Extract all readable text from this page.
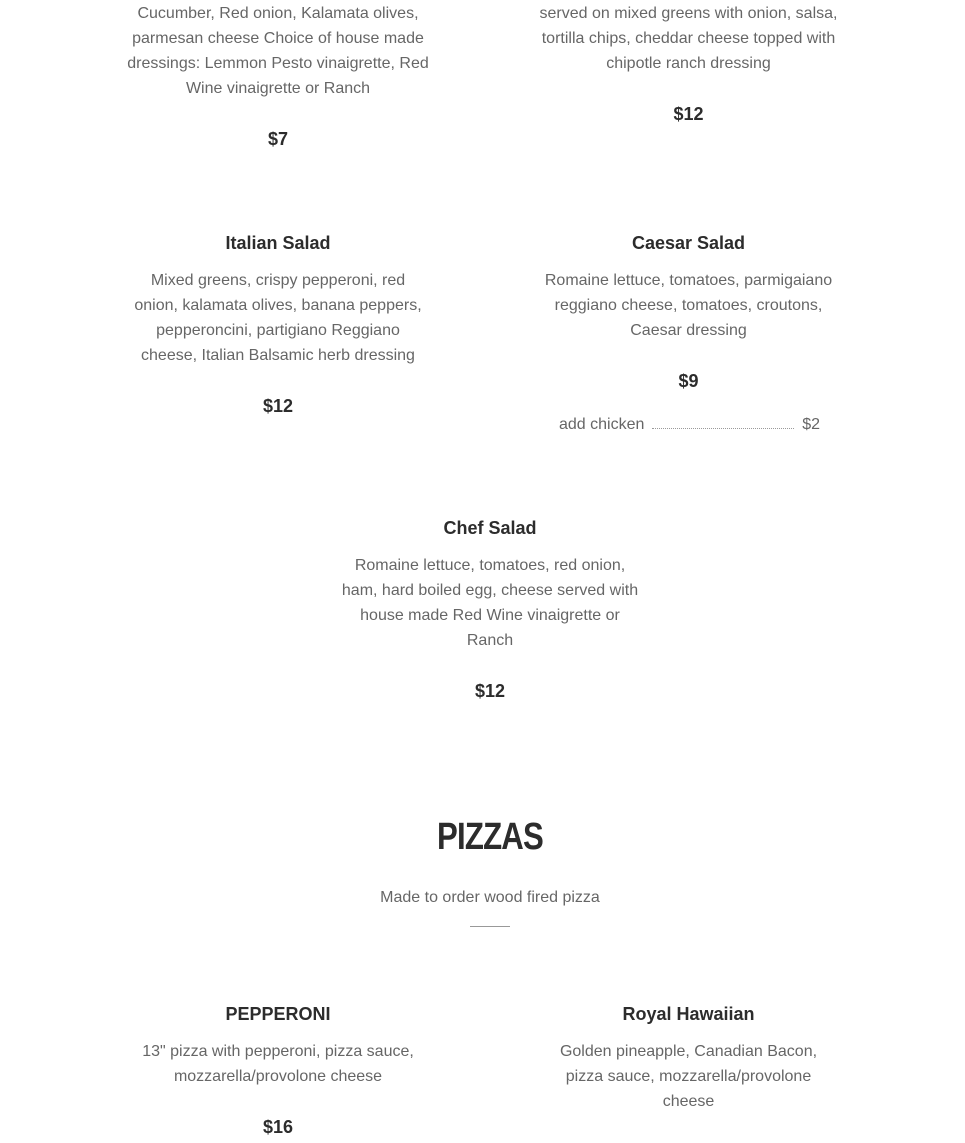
Cucumber, Red onion, Kalamata olives, parmesan cheese Choice of house made dressings: Lemmon Pesto vinaigrette, Red Wine vinaigrette or Ranch

$7

served on mixed greens with onion, salsa, tortilla chips, cheddar cheese topped with chipotle ranch dressing

$12

Italian Salad

Mixed greens, crispy pepperoni, red onion, kalamata olives, banana peppers, pepperoncini, partigiano Reggiano cheese, Italian Balsamic herb dressing

$12

Caesar Salad

Romaine lettuce, tomatoes, parmigaiano reggiano cheese, tomatoes, croutons, Caesar dressing

$9

add chicken	$2

Chef Salad

Romaine lettuce, tomatoes, red onion, ham, hard boiled egg, cheese served with house made Red Wine vinaigrette or Ranch

$12

PIZZAS
Made to order wood fired pizza

PEPPERONI

13" pizza with pepperoni, pizza sauce, mozzarella/provolone cheese

$16

Royal Hawaiian

Golden pineapple, Canadian Bacon, pizza sauce, mozzarella/provolone cheese
